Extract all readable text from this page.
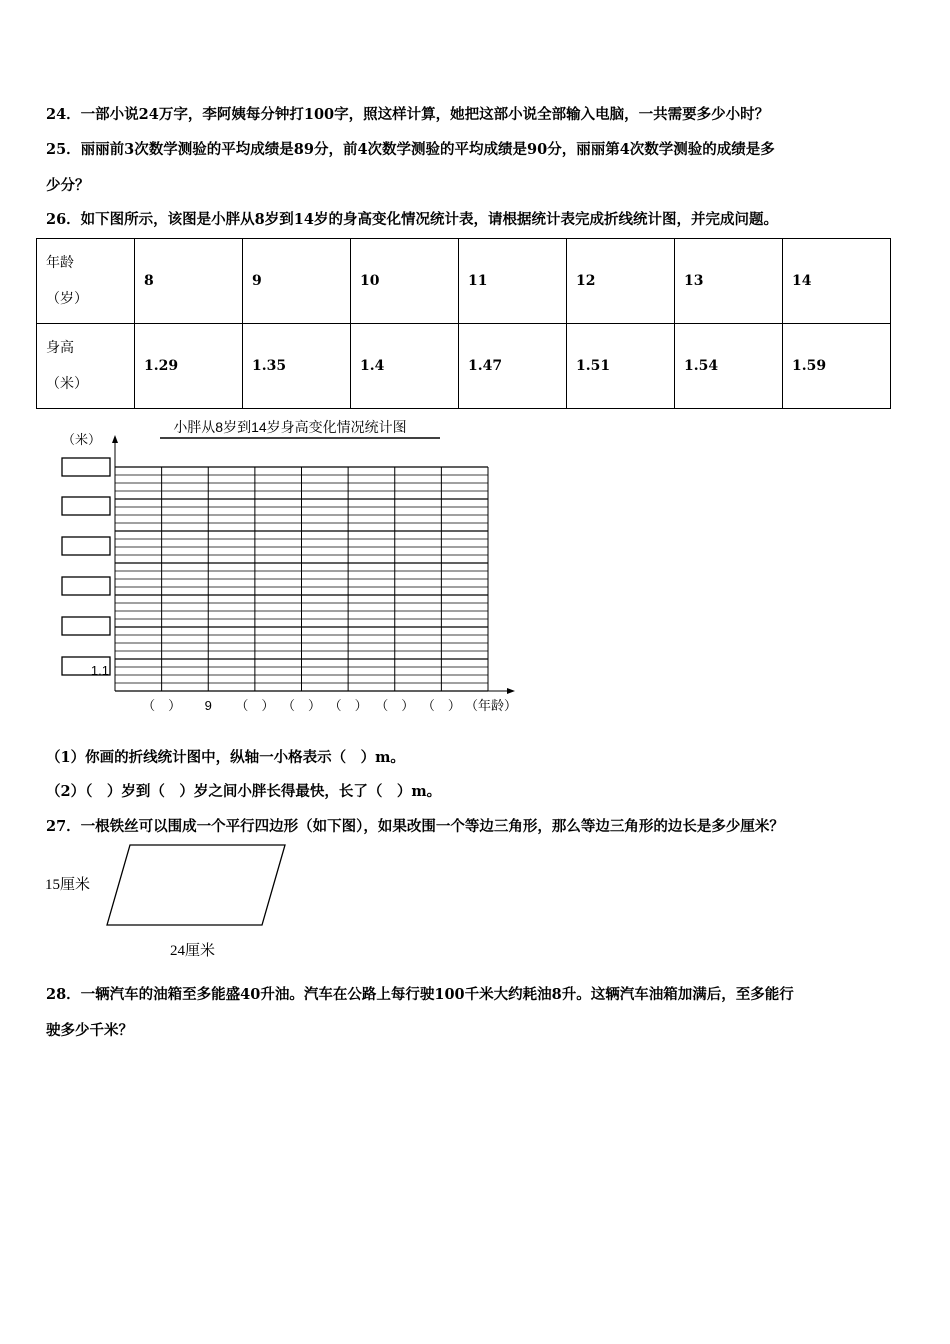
24．一部小说24万字，李阿姨每分钟打100字，照这样计算，她把这部小说全部输入电脑，一共需要多少小时？
25．丽丽前3次数学测验的平均成绩是89分，前4次数学测验的平均成绩是90分，丽丽第4次数学测验的成绩是多
少分？
26．如下图所示，该图是小胖从8岁到14岁的身高变化情况统计表，请根据统计表完成折线统计图，并完成问题。
年龄
（岁）	8	9	10	11	12	13	14

身高
（米）	1.29	1.35	1.4	1.47	1.51	1.54	1.59
小胖从8岁到14岁身高变化情况统计图
（米）
1.1
（　） 9 （　） （　） （　） （　） （　） （年龄）
（1）你画的折线统计图中，纵轴一小格表示（　）m。
（2）（　）岁到（　）岁之间小胖长得最快，长了（　）m。
27．一根铁丝可以围成一个平行四边形（如下图），如果改围一个等边三角形，那么等边三角形的边长是多少厘米？
15厘米
24厘米
28．一辆汽车的油箱至多能盛40升油。汽车在公路上每行驶100千米大约耗油8升。这辆汽车油箱加满后，至多能行
驶多少千米？
